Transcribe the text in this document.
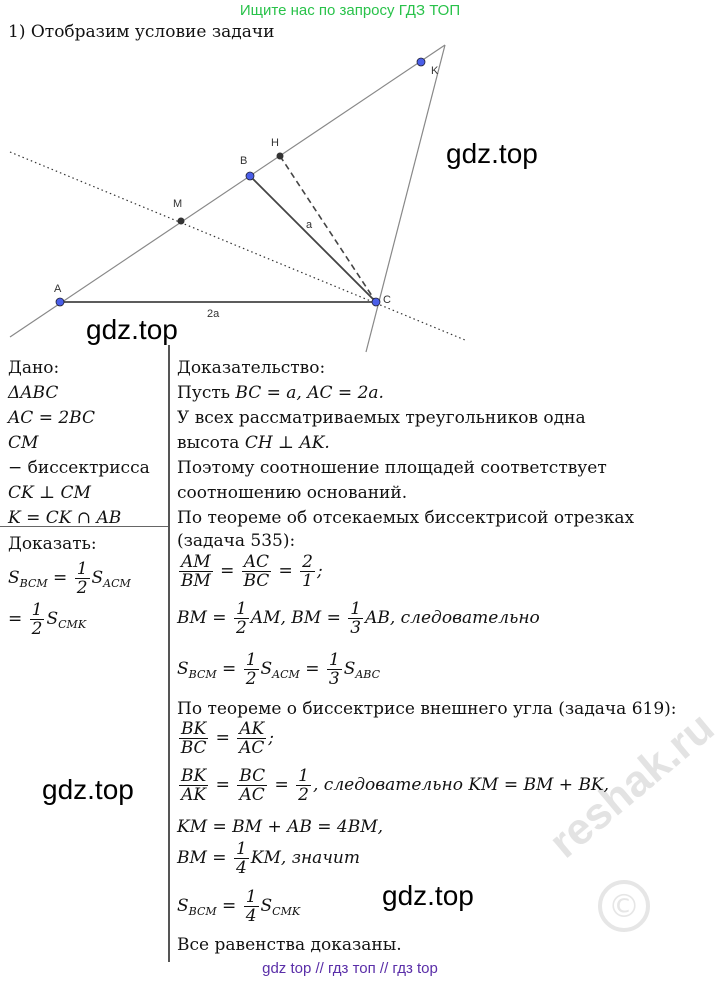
Ищите нас по запросу ГДЗ ТОП
1) Отобразим условие задачи
A
B
C
K
H
M
a
2a
gdz.top
gdz.top
gdz.top
gdz.top
reshak.ru
©
Дано:
ΔABC
AC = 2BC
CM
− биссектрисса
CK ⊥ CM
K = CK ∩ AB
Доказать:
$S_{BCM} = \frac{1}{2} S_{ACM}$
= $\frac{1}{2} S_{CMK}$
Доказательство:
Пусть BC = a, AC = 2a.
У всех рассматриваемых треугольников одна
высота CH ⊥ AK.
Поэтому соотношение площадей соответствует
соотношению оснований.
По теореме об отсекаемых биссектрисой отрезках
(задача 535):
$\frac{AM}{BM} = \frac{AC}{BC} = \frac{2}{1}$ ;
BM = $\frac{1}{2}$ AM, BM = $\frac{1}{3}$ AB, следовательно
$S_{BCM} = \frac{1}{2} S_{ACM} = \frac{1}{3} S_{ABC}$
По теореме о биссектрисе внешнего угла (задача 619):
$\frac{BK}{BC} = \frac{AK}{AC}$ ;
$\frac{BK}{AK} = \frac{BC}{AC} = \frac{1}{2}$ , следовательно KM = BM + BK,
KM = BM + AB = 4BM,
BM = $\frac{1}{4}$ KM, значит
$S_{BCM} = \frac{1}{4} S_{CMK}$
Все равенства доказаны.
gdz top // гдз топ // гдз top
